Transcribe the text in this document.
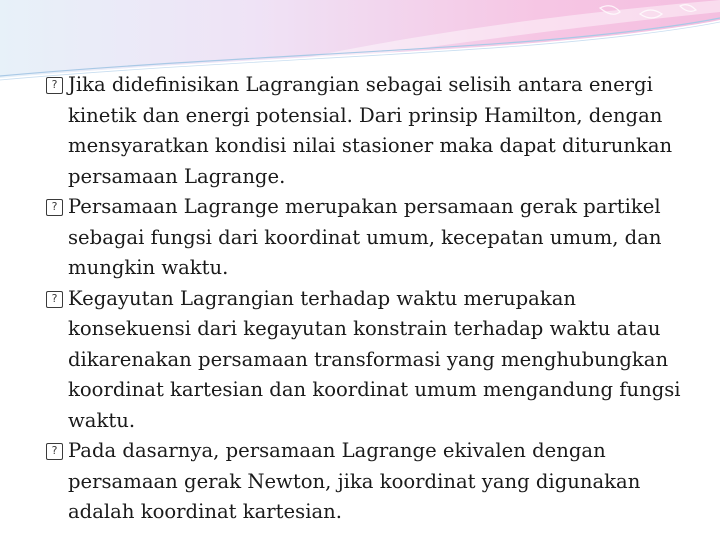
? Jika didefinisikan Lagrangian sebagai selisih antara energi kinetik dan energi potensial. Dari prinsip Hamilton, dengan mensyaratkan kondisi nilai stasioner maka dapat diturunkan persamaan Lagrange.
? Persamaan Lagrange merupakan persamaan gerak partikel sebagai fungsi dari koordinat umum, kecepatan umum, dan mungkin waktu.
? Kegayutan Lagrangian terhadap waktu merupakan konsekuensi dari kegayutan konstrain terhadap waktu atau dikarenakan persamaan transformasi yang menghubungkan koordinat kartesian dan koordinat umum mengandung fungsi waktu.
? Pada dasarnya, persamaan Lagrange ekivalen dengan persamaan gerak Newton, jika koordinat yang digunakan adalah koordinat kartesian.
